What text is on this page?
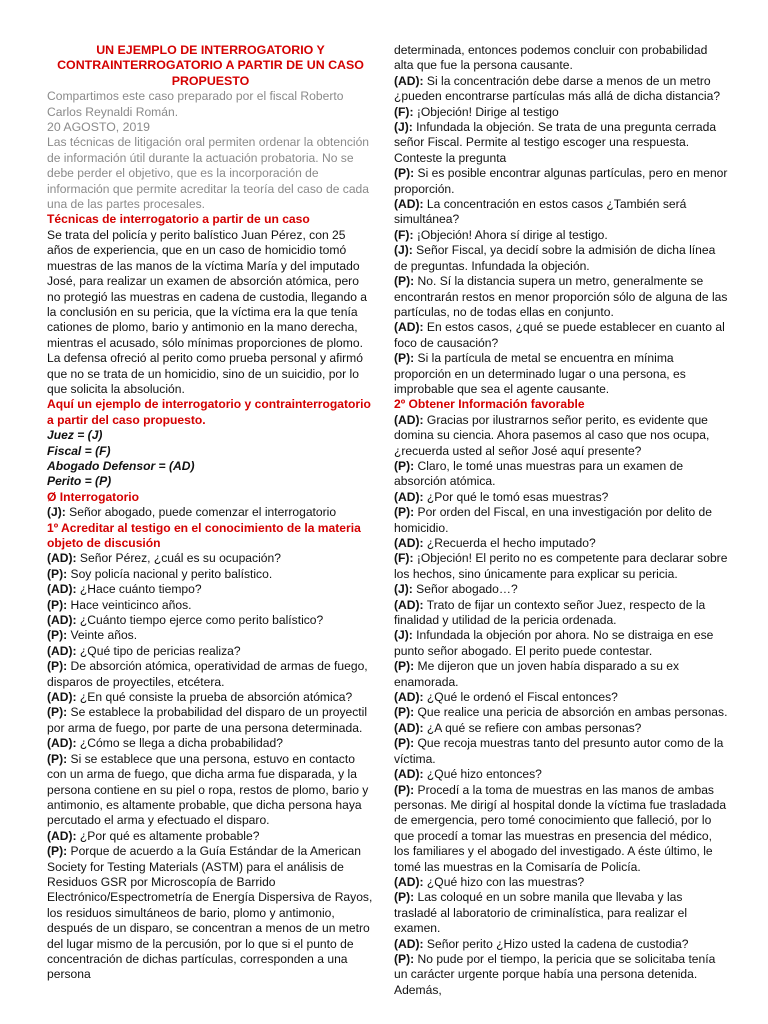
UN EJEMPLO DE INTERROGATORIO Y CONTRAINTERROGATORIO A PARTIR DE UN CASO PROPUESTO

Compartimos este caso preparado por el fiscal Roberto Carlos Reynaldi Román.

20 AGOSTO, 2019

Las técnicas de litigación oral permiten ordenar la obtención de información útil durante la actuación probatoria. No se debe perder el objetivo, que es la incorporación de información que permite acreditar la teoría del caso de cada una de las partes procesales.

Técnicas de interrogatorio a partir de un caso

Se trata del policía y perito balístico Juan Pérez, con 25 años de experiencia, que en un caso de homicidio tomó muestras de las manos de la víctima María y del imputado José, para realizar un examen de absorción atómica, pero no protegió las muestras en cadena de custodia, llegando a la conclusión en su pericia, que la víctima era la que tenía cationes de plomo, bario y antimonio en la mano derecha, mientras el acusado, sólo mínimas proporciones de plomo. La defensa ofreció al perito como prueba personal y afirmó que no se trata de un homicidio, sino de un suicidio, por lo que solicita la absolución.

Aquí un ejemplo de interrogatorio y contrainterrogatorio a partir del caso propuesto.

Juez = (J)

Fiscal = (F)

Abogado Defensor = (AD)

Perito = (P)

Ø Interrogatorio

(J): Señor abogado, puede comenzar el interrogatorio

1º Acreditar al testigo en el conocimiento de la materia objeto de discusión

(AD): Señor Pérez, ¿cuál es su ocupación?

(P): Soy policía nacional y perito balístico.

(AD): ¿Hace cuánto tiempo?

(P): Hace veinticinco años.

(AD): ¿Cuánto tiempo ejerce como perito balístico?

(P): Veinte años.

(AD): ¿Qué tipo de pericias realiza?

(P): De absorción atómica, operatividad de armas de fuego, disparos de proyectiles, etcétera.

(AD): ¿En qué consiste la prueba de absorción atómica?

(P): Se establece la probabilidad del disparo de un proyectil por arma de fuego, por parte de una persona determinada.

(AD): ¿Cómo se llega a dicha probabilidad?

(P): Si se establece que una persona, estuvo en contacto con un arma de fuego, que dicha arma fue disparada, y la persona contiene en su piel o ropa, restos de plomo, bario y antimonio, es altamente probable, que dicha persona haya percutado el arma y efectuado el disparo.

(AD): ¿Por qué es altamente probable?

(P): Porque de acuerdo a la Guía Estándar de la American Society for Testing Materials (ASTM) para el análisis de Residuos GSR por Microscopía de Barrido Electrónico/Espectrometría de Energía Dispersiva de Rayos, los residuos simultáneos de bario, plomo y antimonio, después de un disparo, se concentran a menos de un metro del lugar mismo de la percusión, por lo que si el punto de concentración de dichas partículas, corresponden a una persona

determinada, entonces podemos concluir con probabilidad alta que fue la persona causante.

(AD): Si la concentración debe darse a menos de un metro ¿pueden encontrarse partículas más allá de dicha distancia?

(F): ¡Objeción! Dirige al testigo

(J): Infundada la objeción. Se trata de una pregunta cerrada señor Fiscal. Permite al testigo escoger una respuesta. Conteste la pregunta

(P): Si es posible encontrar algunas partículas, pero en menor proporción.

(AD): La concentración en estos casos ¿También será simultánea?

(F): ¡Objeción! Ahora sí dirige al testigo.

(J): Señor Fiscal, ya decidí sobre la admisión de dicha línea de preguntas. Infundada la objeción.

(P): No. Sí la distancia supera un metro, generalmente se encontrarán restos en menor proporción sólo de alguna de las partículas, no de todas ellas en conjunto.

(AD): En estos casos, ¿qué se puede establecer en cuanto al foco de causación?

(P): Si la partícula de metal se encuentra en mínima proporción en un determinado lugar o una persona, es improbable que sea el agente causante.

2º Obtener Información favorable

(AD): Gracias por ilustrarnos señor perito, es evidente que domina su ciencia. Ahora pasemos al caso que nos ocupa, ¿recuerda usted al señor José aquí presente?

(P): Claro, le tomé unas muestras para un examen de absorción atómica.

(AD): ¿Por qué le tomó esas muestras?

(P): Por orden del Fiscal, en una investigación por delito de homicidio.

(AD): ¿Recuerda el hecho imputado?

(F): ¡Objeción! El perito no es competente para declarar sobre los hechos, sino únicamente para explicar su pericia.

(J): Señor abogado…?

(AD): Trato de fijar un contexto señor Juez, respecto de la finalidad y utilidad de la pericia ordenada.

(J): Infundada la objeción por ahora. No se distraiga en ese punto señor abogado. El perito puede contestar.

(P): Me dijeron que un joven había disparado a su ex enamorada.

(AD): ¿Qué le ordenó el Fiscal entonces?

(P): Que realice una pericia de absorción en ambas personas.

(AD): ¿A qué se refiere con ambas personas?

(P): Que recoja muestras tanto del presunto autor como de la víctima.

(AD): ¿Qué hizo entonces?

(P): Procedí a la toma de muestras en las manos de ambas personas. Me dirigí al hospital donde la víctima fue trasladada de emergencia, pero tomé conocimiento que falleció, por lo que procedí a tomar las muestras en presencia del médico, los familiares y el abogado del investigado. A éste último, le tomé las muestras en la Comisaría de Policía.

(AD): ¿Qué hizo con las muestras?

(P): Las coloqué en un sobre manila que llevaba y las trasladé al laboratorio de criminalística, para realizar el examen.

(AD): Señor perito ¿Hizo usted la cadena de custodia?

(P): No pude por el tiempo, la pericia que se solicitaba tenía un carácter urgente porque había una persona detenida. Además,
